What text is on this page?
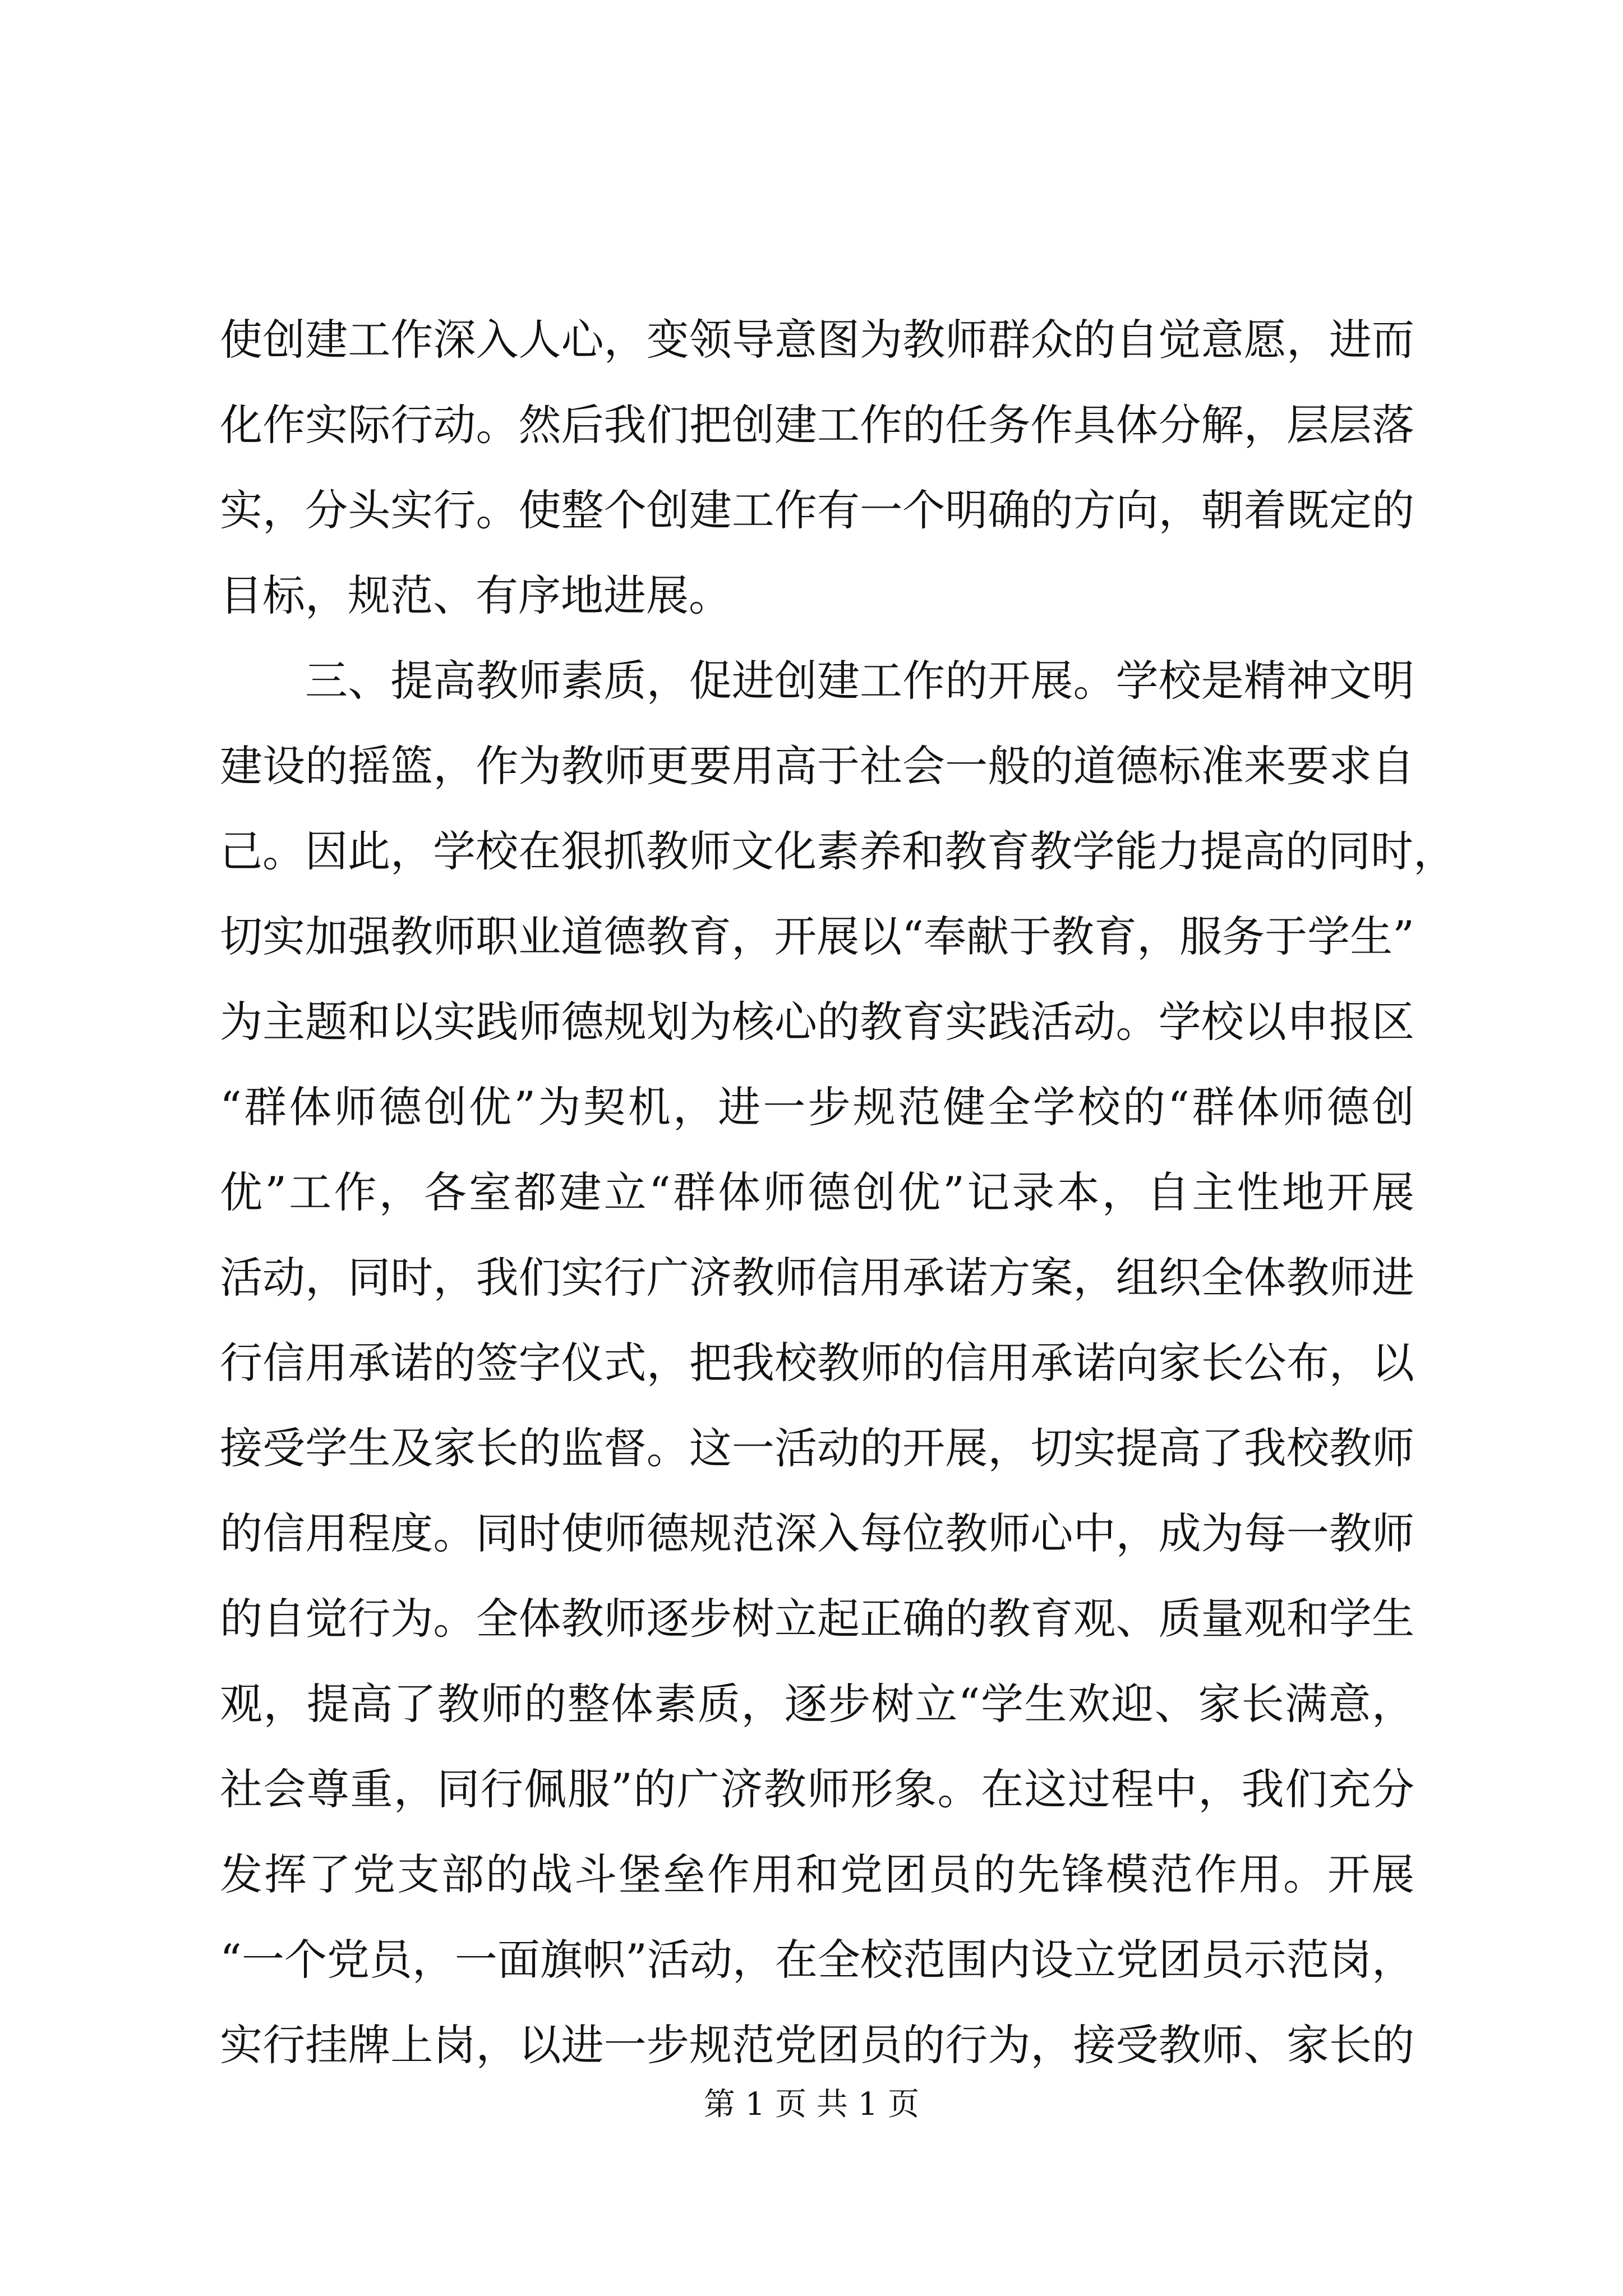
使创建工作深入人心，变领导意图为教师群众的自觉意愿，进而
化作实际行动。然后我们把创建工作的任务作具体分解，层层落
实，分头实行。使整个创建工作有一个明确的方向，朝着既定的
目标，规范、有序地进展。
三、提高教师素质，促进创建工作的开展。学校是精神文明
建设的摇篮，作为教师更要用高于社会一般的道德标准来要求自
己。因此，学校在狠抓教师文化素养和教育教学能力提高的同时，
切实加强教师职业道德教育，开展以“奉献于教育，服务于学生”
为主题和以实践师德规划为核心的教育实践活动。学校以申报区
“群体师德创优”为契机，进一步规范健全学校的“群体师德创
优”工作，各室都建立“群体师德创优”记录本，自主性地开展
活动，同时，我们实行广济教师信用承诺方案，组织全体教师进
行信用承诺的签字仪式，把我校教师的信用承诺向家长公布，以
接受学生及家长的监督。这一活动的开展，切实提高了我校教师
的信用程度。同时使师德规范深入每位教师心中，成为每一教师
的自觉行为。全体教师逐步树立起正确的教育观、质量观和学生
观，提高了教师的整体素质，逐步树立“学生欢迎、家长满意，
社会尊重，同行佩服”的广济教师形象。在这过程中，我们充分
发挥了党支部的战斗堡垒作用和党团员的先锋模范作用。开展
“一个党员，一面旗帜”活动，在全校范围内设立党团员示范岗，
实行挂牌上岗，以进一步规范党团员的行为，接受教师、家长的
第 1 页 共 1 页
